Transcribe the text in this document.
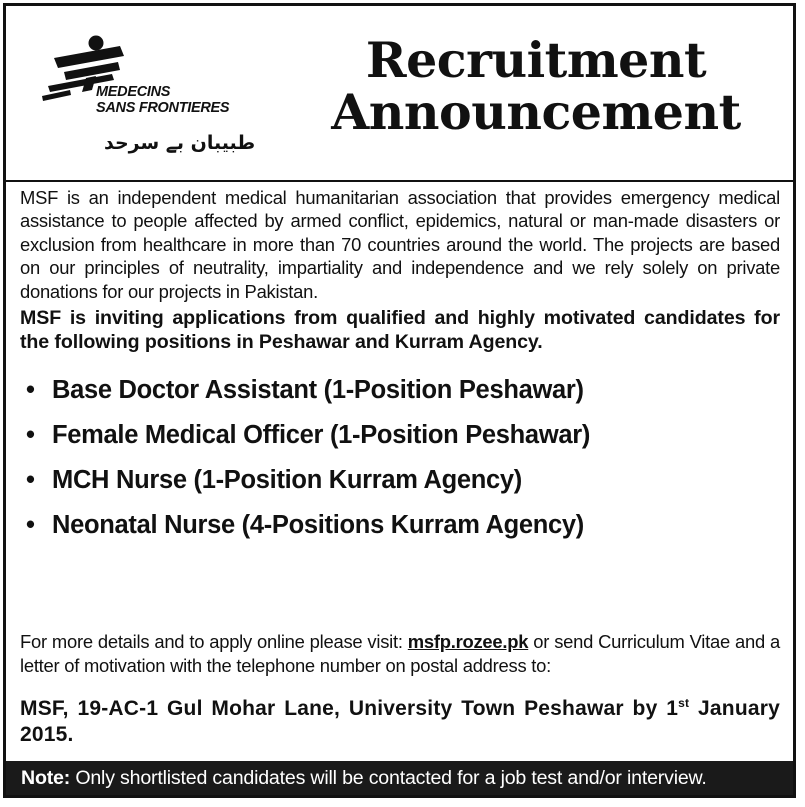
MEDECINS
SANS FRONTIERES
طبيبان بے سرحد
Recruitment
Announcement

MSF is an independent medical humanitarian association that provides emergency medical assistance to people affected by armed conflict, epidemics, natural or man-made disasters or exclusion from healthcare in more than 70 countries around the world. The projects are based on our principles of neutrality, impartiality and independence and we rely solely on private donations for our projects in Pakistan.

MSF is inviting applications from qualified and highly motivated candidates for the following positions in Peshawar and Kurram Agency.

• Base Doctor Assistant (1-Position Peshawar)
• Female Medical Officer (1-Position Peshawar)
• MCH Nurse (1-Position Kurram Agency)
• Neonatal Nurse (4-Positions Kurram Agency)

For more details and to apply online please visit: msfp.rozee.pk or send Curriculum Vitae and a letter of motivation with the telephone number on postal address to:

MSF, 19-AC-1 Gul Mohar Lane, University Town Peshawar by 1st January 2015.

Note: Only shortlisted candidates will be contacted for a job test and/or interview.
